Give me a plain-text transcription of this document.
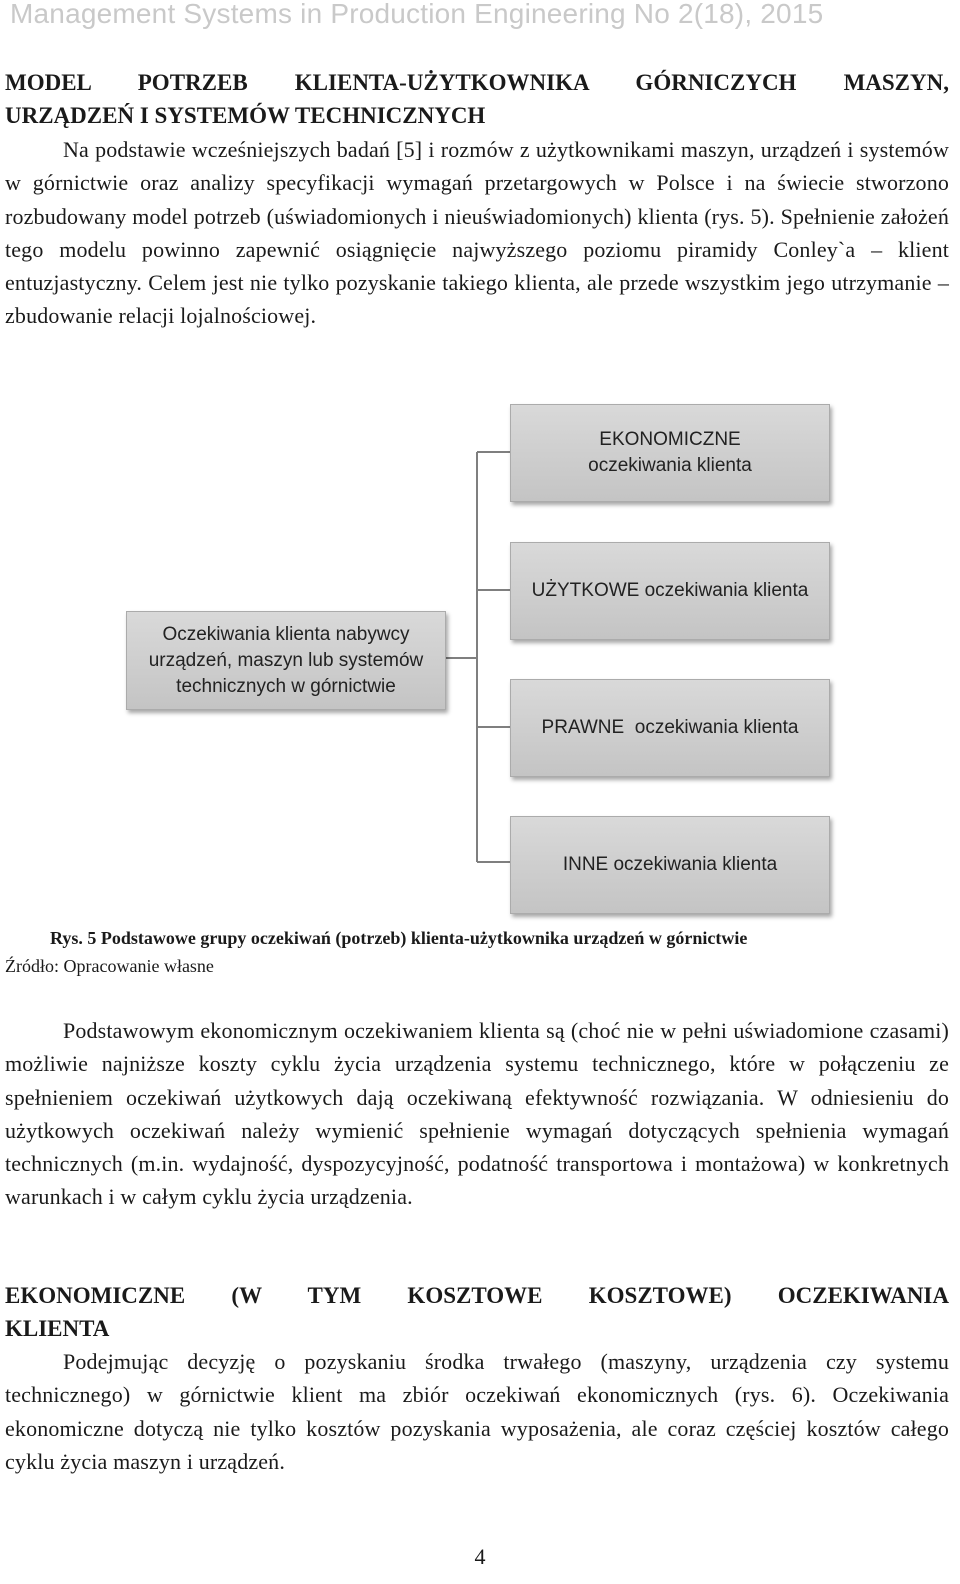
Management Systems in Production Engineering No 2(18), 2015
MODEL POTRZEB KLIENTA-UŻYTKOWNIKA GÓRNICZYCH MASZYN,
URZĄDZEŃ I SYSTEMÓW TECHNICZNYCH
Na podstawie wcześniejszych badań [5] i rozmów z użytkownikami maszyn, urządzeń i systemów w górnictwie oraz analizy specyfikacji wymagań przetargowych w Polsce i na świecie stworzono rozbudowany model potrzeb (uświadomionych i nieuświadomionych) klienta (rys. 5). Spełnienie założeń tego modelu powinno zapewnić osiągnięcie najwyższego poziomu piramidy Conley`a – klient entuzjastyczny. Celem jest nie tylko pozyskanie takiego klienta, ale przede wszystkim jego utrzymanie – zbudowanie relacji lojalnościowej.
Oczekiwania klienta nabywcy urządzeń, maszyn lub systemów technicznych w górnictwie
EKONOMICZNE oczekiwania klienta
UŻYTKOWE oczekiwania klienta
PRAWNE  oczekiwania klienta
INNE oczekiwania klienta
Rys. 5 Podstawowe grupy oczekiwań (potrzeb) klienta-użytkownika urządzeń w górnictwie
Źródło: Opracowanie własne
Podstawowym ekonomicznym oczekiwaniem klienta są (choć nie w pełni uświadomione czasami) możliwie najniższe koszty cyklu życia urządzenia systemu technicznego, które w połączeniu ze spełnieniem oczekiwań użytkowych dają oczekiwaną efektywność rozwiązania. W odniesieniu do użytkowych oczekiwań należy wymienić spełnienie wymagań dotyczących spełnienia wymagań technicznych (m.in. wydajność, dyspozycyjność, podatność transportowa i montażowa) w konkretnych warunkach i w całym cyklu życia urządzenia.
EKONOMICZNE (W TYM KOSZTOWE KOSZTOWE) OCZEKIWANIA
KLIENTA
Podejmując decyzję o pozyskaniu środka trwałego (maszyny, urządzenia czy systemu technicznego) w górnictwie klient ma zbiór oczekiwań ekonomicznych (rys. 6). Oczekiwania ekonomiczne dotyczą nie tylko kosztów pozyskania wyposażenia, ale coraz częściej kosztów całego cyklu życia maszyn i urządzeń.
4
